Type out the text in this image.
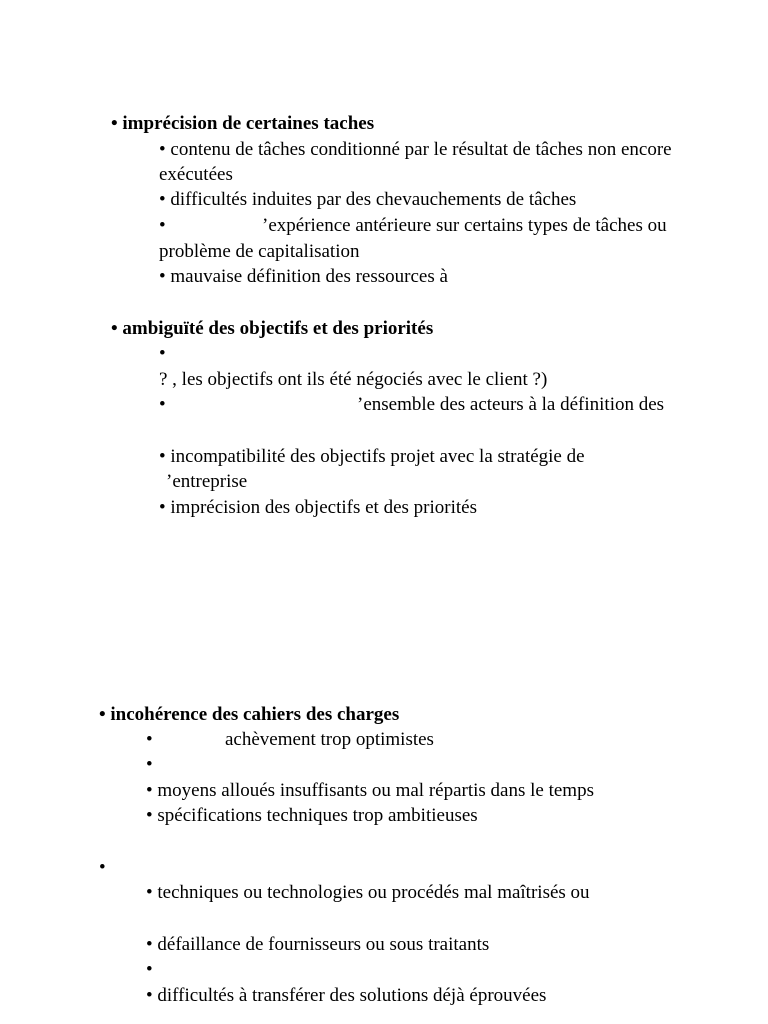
• imprécision de certaines taches
• contenu de tâches conditionné par le résultat de tâches non encore
exécutées
• difficultés induites par des chevauchements de tâches
•	’expérience antérieure sur certains types de tâches ou
problème de capitalisation
• mauvaise définition des ressources à
• ambiguïté des objectifs et des priorités
•
? , les objectifs ont ils été négociés avec le client ?)
•	’ensemble des acteurs à la définition des
• incompatibilité des objectifs projet avec la stratégie de
’entreprise
• imprécision des objectifs et des priorités
• incohérence des cahiers des charges
•	achèvement trop optimistes
•
• moyens alloués insuffisants ou mal répartis dans le temps
• spécifications techniques trop ambitieuses
•
• techniques ou technologies ou procédés mal maîtrisés ou
• défaillance de fournisseurs ou sous traitants
•
• difficultés à transférer des solutions déjà éprouvées
